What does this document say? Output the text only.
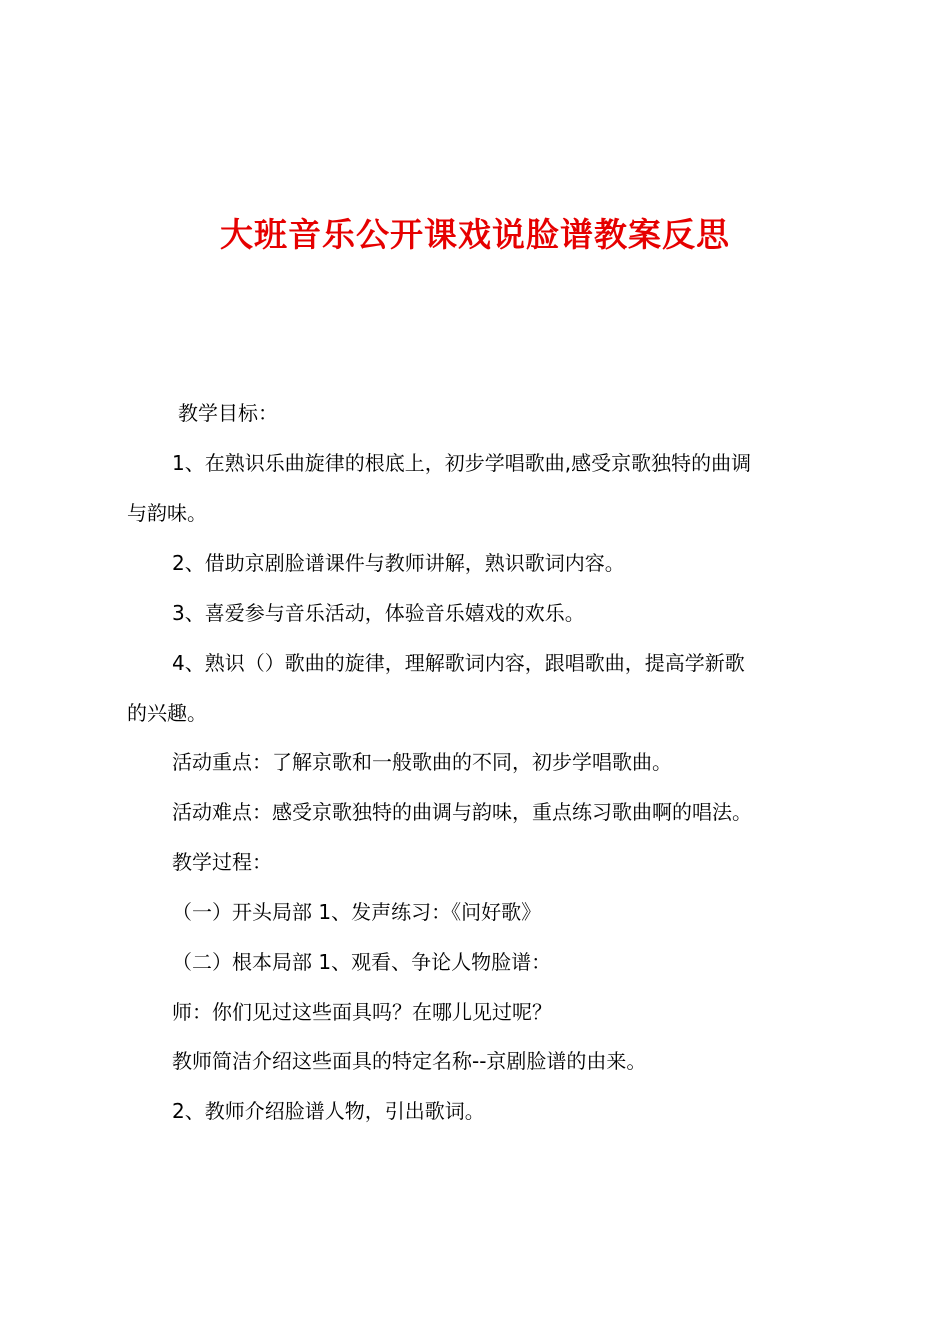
大班音乐公开课戏说脸谱教案反思
教学目标：
1、在熟识乐曲旋律的根底上，初步学唱歌曲,感受京歌独特的曲调
与韵味。
2、借助京剧脸谱课件与教师讲解，熟识歌词内容。
3、喜爱参与音乐活动，体验音乐嬉戏的欢乐。
4、熟识（）歌曲的旋律，理解歌词内容，跟唱歌曲，提高学新歌
的兴趣。
活动重点：了解京歌和一般歌曲的不同，初步学唱歌曲。
活动难点：感受京歌独特的曲调与韵味，重点练习歌曲啊的唱法。
教学过程：
（一）开头局部 1、发声练习：《问好歌》
（二）根本局部 1、观看、争论人物脸谱：
师：你们见过这些面具吗？在哪儿见过呢？
教师简洁介绍这些面具的特定名称--京剧脸谱的由来。
2、教师介绍脸谱人物，引出歌词。
